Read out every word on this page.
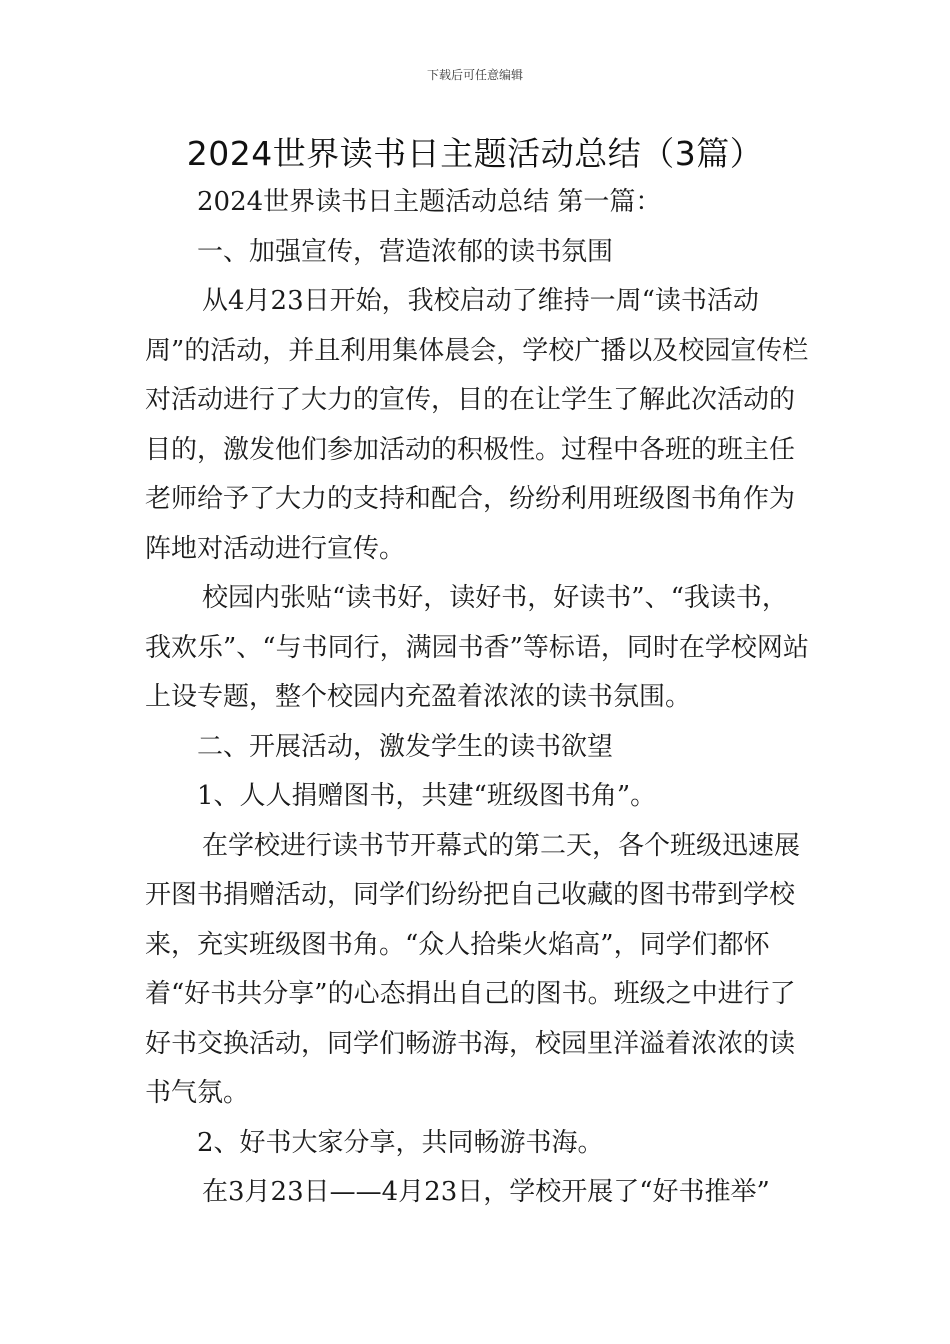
下载后可任意编辑
2024世界读书日主题活动总结（3篇）

2024世界读书日主题活动总结 第一篇：

一、加强宣传，营造浓郁的读书氛围

从4月23日开始，我校启动了维持一周“读书活动周”的活动，并且利用集体晨会，学校广播以及校园宣传栏对活动进行了大力的宣传，目的在让学生了解此次活动的目的，激发他们参加活动的积极性。过程中各班的班主任老师给予了大力的支持和配合，纷纷利用班级图书角作为阵地对活动进行宣传。

校园内张贴“读书好，读好书，好读书”、“我读书，我欢乐”、“与书同行，满园书香”等标语，同时在学校网站上设专题，整个校园内充盈着浓浓的读书氛围。

二、开展活动，激发学生的读书欲望

1、人人捐赠图书，共建“班级图书角”。

在学校进行读书节开幕式的第二天，各个班级迅速展开图书捐赠活动，同学们纷纷把自己收藏的图书带到学校来，充实班级图书角。“众人拾柴火焰高”，同学们都怀着“好书共分享”的心态捐出自己的图书。班级之中进行了好书交换活动，同学们畅游书海，校园里洋溢着浓浓的读书气氛。

2、好书大家分享，共同畅游书海。

在3月23日——4月23日，学校开展了“好书推举”
